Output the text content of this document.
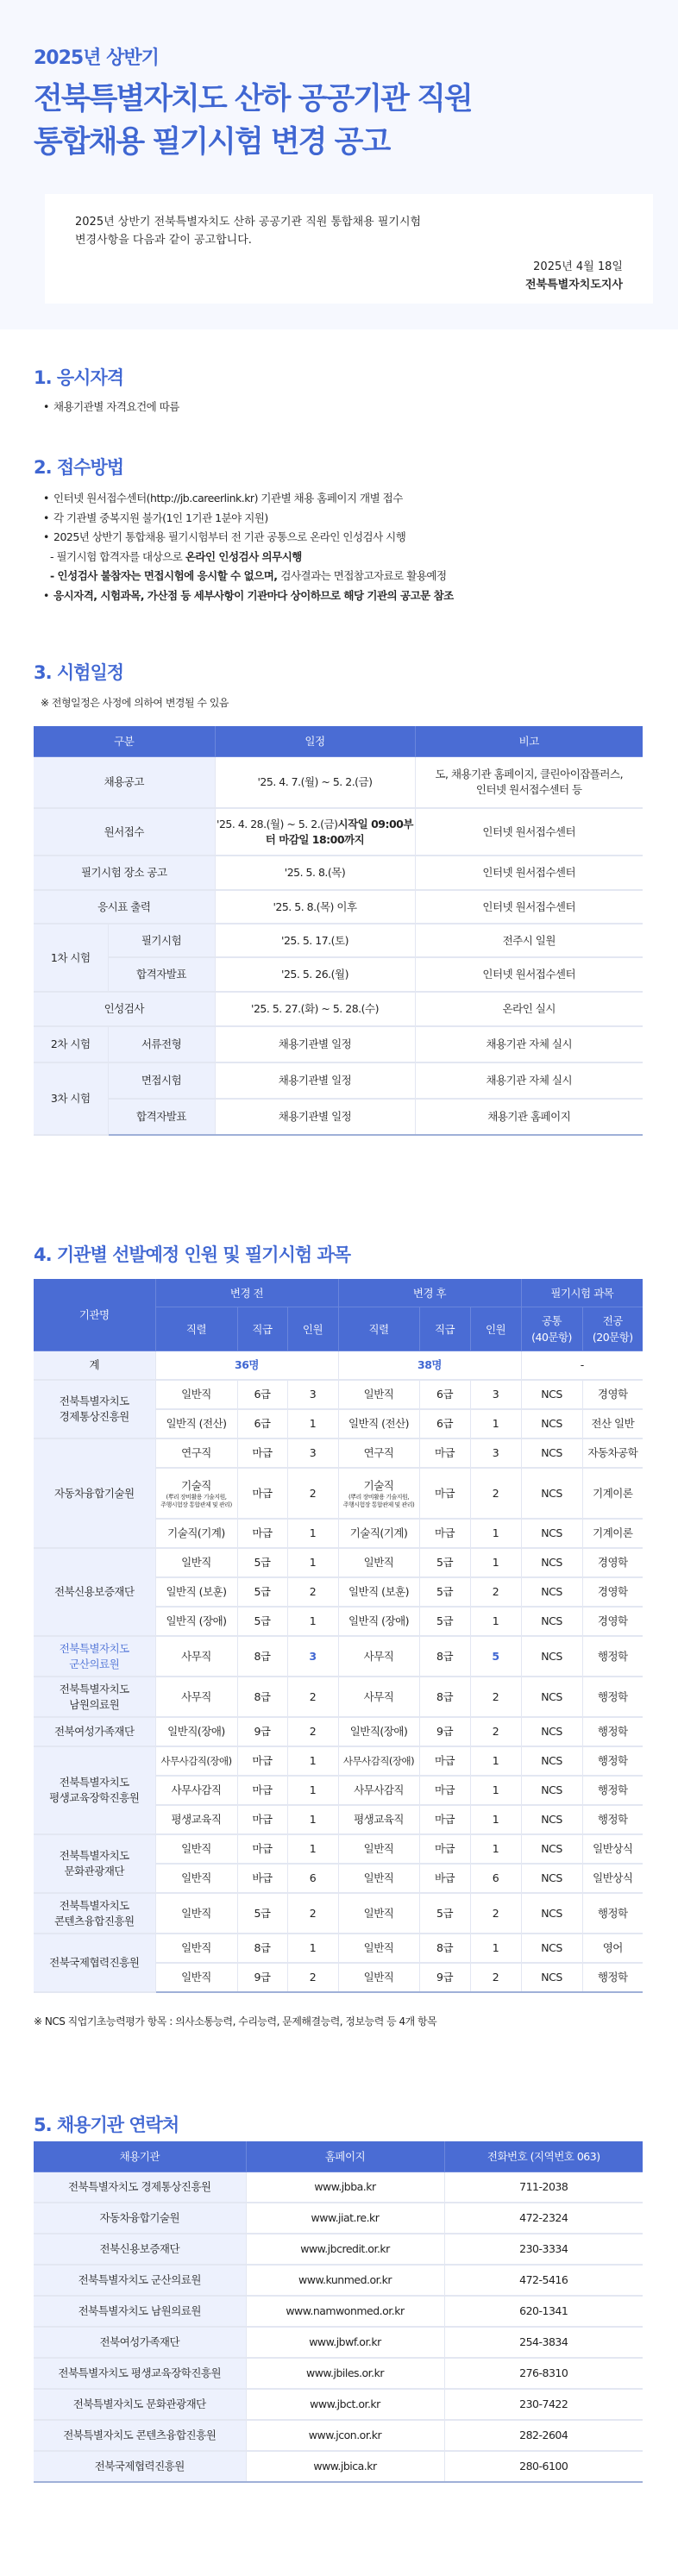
2025년 상반기
전북특별자치도 산하 공공기관 직원
통합채용 필기시험 변경 공고
2025년 상반기 전북특별자치도 산하 공공기관 직원 통합채용 필기시험
변경사항을 다음과 같이 공고합니다.
2025년 4월 18일
전북특별자치도지사
1. 응시자격
• 채용기관별 자격요건에 따름
2. 접수방법
• 인터넷 원서접수센터(http://jb.careerlink.kr) 기관별 채용 홈페이지 개별 접수
• 각 기관별 중복지원 불가(1인 1기관 1분야 지원)
• 2025년 상반기 통합채용 필기시험부터 전 기관 공통으로 온라인 인성검사 시행
- 필기시험 합격자를 대상으로 온라인 인성검사 의무시행
- 인성검사 불참자는 면접시험에 응시할 수 없으며, 검사결과는 면접참고자료로 활용예정
• 응시자격, 시험과목, 가산점 등 세부사항이 기관마다 상이하므로 해당 기관의 공고문 참조
3. 시험일정
※ 전형일정은 사정에 의하여 변경될 수 있음
구분		일정	비고
채용공고		'25. 4. 7.(월) ~ 5. 2.(금)	도, 채용기관 홈페이지, 클린아이잡플러스,
인터넷 원서접수센터 등
원서접수		'25. 4. 28.(월) ~ 5. 2.(금)시작일 09:00부터 마감일 18:00까지	인터넷 원서접수센터
필기시험 장소 공고		'25. 5. 8.(목)	인터넷 원서접수센터
응시표 출력		'25. 5. 8.(목) 이후	인터넷 원서접수센터
1차 시험	필기시험	'25. 5. 17.(토)	전주시 일원
	합격자발표	'25. 5. 26.(월)	인터넷 원서접수센터
인성검사		'25. 5. 27.(화) ~ 5. 28.(수)	온라인 실시
2차 시험	서류전형	채용기관별 일정	채용기관 자체 실시
3차 시험	면접시험	채용기관별 일정	채용기관 자체 실시
	합격자발표	채용기관별 일정	채용기관 홈페이지
4. 기관별 선발예정 인원 및 필기시험 과목
기관명	변경 전			변경 후			필기시험 과목	
	직렬	직급	인원	직렬	직급	인원	공통
(40문항)	전공
(20문항)
계	36명			38명			-	
전북특별자치도
경제통상진흥원	일반직	6급	3	일반직	6급	3	NCS	경영학
	일반직 (전산)	6급	1	일반직 (전산)	6급	1	NCS	전산 일반
자동차융합기술원	연구직	마급	3	연구직	마급	3	NCS	자동차공학
	기술직
(뿌리 장비활용 기술지원,
주행시험장 통합관제 및 관리)	마급	2	기술직
(뿌리 장비활용 기술지원,
주행시험장 통합관제 및 관리)	마급	2	NCS	기계이론
	기술직(기계)	마급	1	기술직(기계)	마급	1	NCS	기계이론
전북신용보증재단	일반직	5급	1	일반직	5급	1	NCS	경영학
	일반직 (보훈)	5급	2	일반직 (보훈)	5급	2	NCS	경영학
	일반직 (장애)	5급	1	일반직 (장애)	5급	1	NCS	경영학
전북특별자치도
군산의료원	사무직	8급	3	사무직	8급	5	NCS	행정학
전북특별자치도
남원의료원	사무직	8급	2	사무직	8급	2	NCS	행정학
전북여성가족재단	일반직(장애)	9급	2	일반직(장애)	9급	2	NCS	행정학
전북특별자치도
평생교육장학진흥원	사무사감직(장애)	마급	1	사무사감직(장애)	마급	1	NCS	행정학
	사무사감직	마급	1	사무사감직	마급	1	NCS	행정학
	평생교육직	마급	1	평생교육직	마급	1	NCS	행정학
전북특별자치도
문화관광재단	일반직	마급	1	일반직	마급	1	NCS	일반상식
	일반직	바급	6	일반직	바급	6	NCS	일반상식
전북특별자치도
콘텐츠융합진흥원	일반직	5급	2	일반직	5급	2	NCS	행정학
전북국제협력진흥원	일반직	8급	1	일반직	8급	1	NCS	영어
	일반직	9급	2	일반직	9급	2	NCS	행정학
※ NCS 직업기초능력평가 항목 : 의사소통능력, 수리능력, 문제해결능력, 정보능력 등 4개 항목
5. 채용기관 연락처
채용기관	홈페이지	전화번호 (지역번호 063)
전북특별자치도 경제통상진흥원	www.jbba.kr	711-2038
자동차융합기술원	www.jiat.re.kr	472-2324
전북신용보증재단	www.jbcredit.or.kr	230-3334
전북특별자치도 군산의료원	www.kunmed.or.kr	472-5416
전북특별자치도 남원의료원	www.namwonmed.or.kr	620-1341
전북여성가족재단	www.jbwf.or.kr	254-3834
전북특별자치도 평생교육장학진흥원	www.jbiles.or.kr	276-8310
전북특별자치도 문화관광재단	www.jbct.or.kr	230-7422
전북특별자치도 콘텐츠융합진흥원	www.jcon.or.kr	282-2604
전북국제협력진흥원	www.jbica.kr	280-6100
